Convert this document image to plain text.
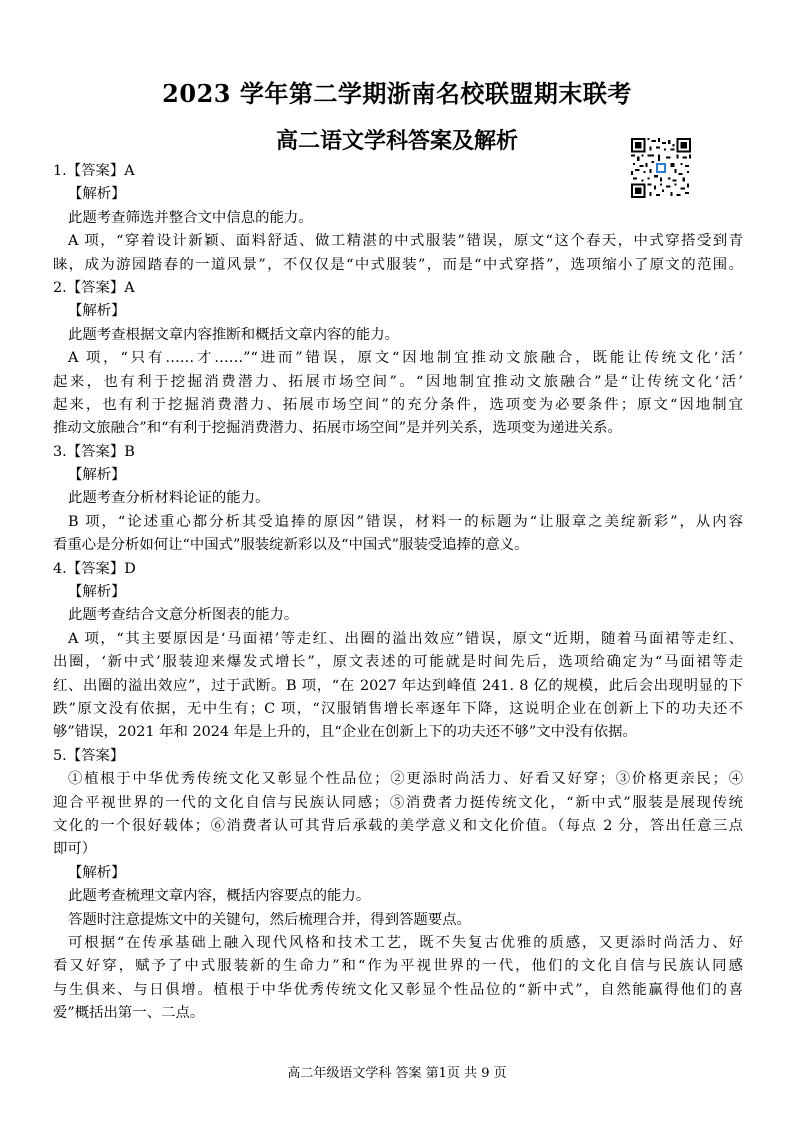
2023 学年第二学期浙南名校联盟期末联考
高二语文学科答案及解析
1.【答案】A
【解析】
此题考查筛选并整合文中信息的能力。
A 项，“穿着设计新颖、面料舒适、做工精湛的中式服装”错误，原文“这个春天，中式穿搭受到青
睐，成为游园踏春的一道风景”，不仅仅是“中式服装”，而是“中式穿搭”，选项缩小了原文的范围。
2.【答案】A
【解析】
此题考查根据文章内容推断和概括文章内容的能力。
A 项，“只有……才……”“进而”错误，原文“因地制宜推动文旅融合，既能让传统文化‘活’
起来，也有利于挖掘消费潜力、拓展市场空间”。“因地制宜推动文旅融合”是“让传统文化‘活’
起来，也有利于挖掘消费潜力、拓展市场空间”的充分条件，选项变为必要条件；原文“因地制宜
推动文旅融合”和“有利于挖掘消费潜力、拓展市场空间”是并列关系，选项变为递进关系。
3.【答案】B
【解析】
此题考查分析材料论证的能力。
B 项，“论述重心都分析其受追捧的原因”错误，材料一的标题为“让服章之美绽新彩”，从内容
看重心是分析如何让“中国式”服装绽新彩以及“中国式”服装受追捧的意义。
4.【答案】D
【解析】
此题考查结合文意分析图表的能力。
A 项，“其主要原因是‘马面裙’等走红、出圈的溢出效应”错误，原文“近期，随着马面裙等走红、
出圈，‘新中式’服装迎来爆发式增长”，原文表述的可能就是时间先后，选项给确定为“马面裙等走
红、出圈的溢出效应”，过于武断。B 项，“在 2027 年达到峰值 241. 8 亿的规模，此后会出现明显的下
跌”原文没有依据，无中生有；C 项，“汉服销售增长率逐年下降，这说明企业在创新上下的功夫还不
够”错误，2021 年和 2024 年是上升的，且“企业在创新上下的功夫还不够”文中没有依据。
5.【答案】
①植根于中华优秀传统文化又彰显个性品位；②更添时尚活力、好看又好穿；③价格更亲民；④
迎合平视世界的一代的文化自信与民族认同感；⑤消费者力挺传统文化，“新中式”服装是展现传统
文化的一个很好载体；⑥消费者认可其背后承载的美学意义和文化价值。（每点 2 分，答出任意三点
即可）
【解析】
此题考查梳理文章内容，概括内容要点的能力。
答题时注意提炼文中的关键句，然后梳理合并，得到答题要点。
可根据“在传承基础上融入现代风格和技术工艺，既不失复古优雅的质感，又更添时尚活力、好
看又好穿，赋予了中式服装新的生命力”和“作为平视世界的一代，他们的文化自信与民族认同感
与生俱来、与日俱增。植根于中华优秀传统文化又彰显个性品位的“新中式”，自然能赢得他们的喜
爱”概括出第一、二点。
高二年级语文学科 答案 第1页 共 9 页
